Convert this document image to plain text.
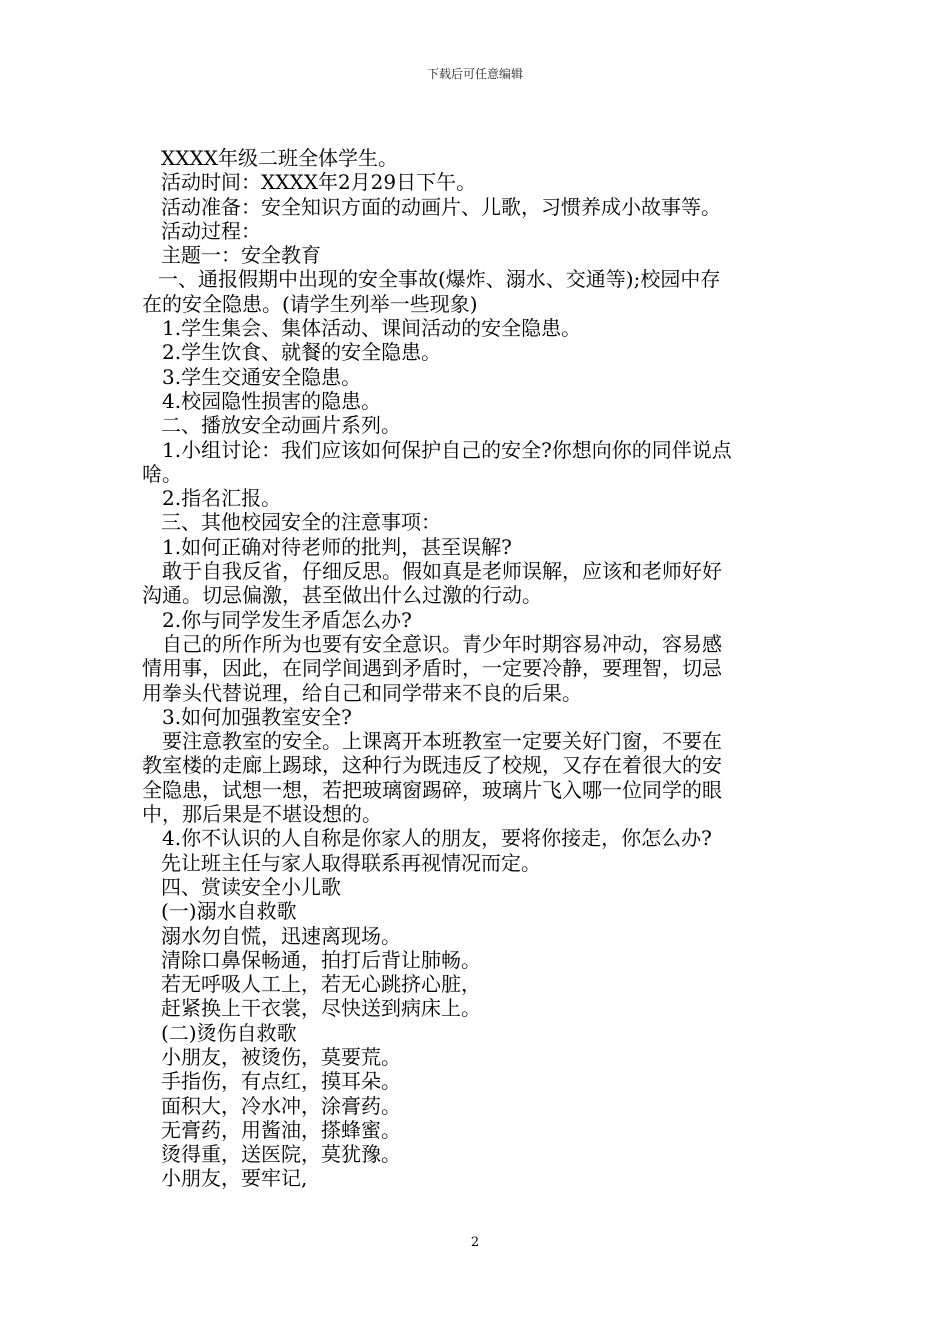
下载后可任意编辑
XXXX年级二班全体学生。
活动时间：XXXX年2月29日下午。
活动准备：安全知识方面的动画片、儿歌，习惯养成小故事等。
活动过程：
主题一：安全教育
一、通报假期中出现的安全事故(爆炸、溺水、交通等);校园中存
在的安全隐患。(请学生列举一些现象)
1.学生集会、集体活动、课间活动的安全隐患。
2.学生饮食、就餐的安全隐患。
3.学生交通安全隐患。
4.校园隐性损害的隐患。
二、播放安全动画片系列。
1.小组讨论：我们应该如何保护自己的安全?你想向你的同伴说点
啥。
2.指名汇报。
三、其他校园安全的注意事项：
1.如何正确对待老师的批判，甚至误解?
敢于自我反省，仔细反思。假如真是老师误解，应该和老师好好
沟通。切忌偏激，甚至做出什么过激的行动。
2.你与同学发生矛盾怎么办?
自己的所作所为也要有安全意识。青少年时期容易冲动，容易感
情用事，因此，在同学间遇到矛盾时，一定要冷静，要理智，切忌
用拳头代替说理，给自己和同学带来不良的后果。
3.如何加强教室安全?
要注意教室的安全。上课离开本班教室一定要关好门窗，不要在
教室楼的走廊上踢球，这种行为既违反了校规，又存在着很大的安
全隐患，试想一想，若把玻璃窗踢碎，玻璃片飞入哪一位同学的眼
中，那后果是不堪设想的。
4.你不认识的人自称是你家人的朋友，要将你接走，你怎么办?
先让班主任与家人取得联系再视情况而定。
四、赏读安全小儿歌
(一)溺水自救歌
溺水勿自慌，迅速离现场。
清除口鼻保畅通，拍打后背让肺畅。
若无呼吸人工上，若无心跳挤心脏，
赶紧换上干衣裳，尽快送到病床上。
(二)烫伤自救歌
小朋友，被烫伤，莫要荒。
手指伤，有点红，摸耳朵。
面积大，冷水冲，涂膏药。
无膏药，用酱油，搽蜂蜜。
烫得重，送医院，莫犹豫。
小朋友，要牢记,
2
